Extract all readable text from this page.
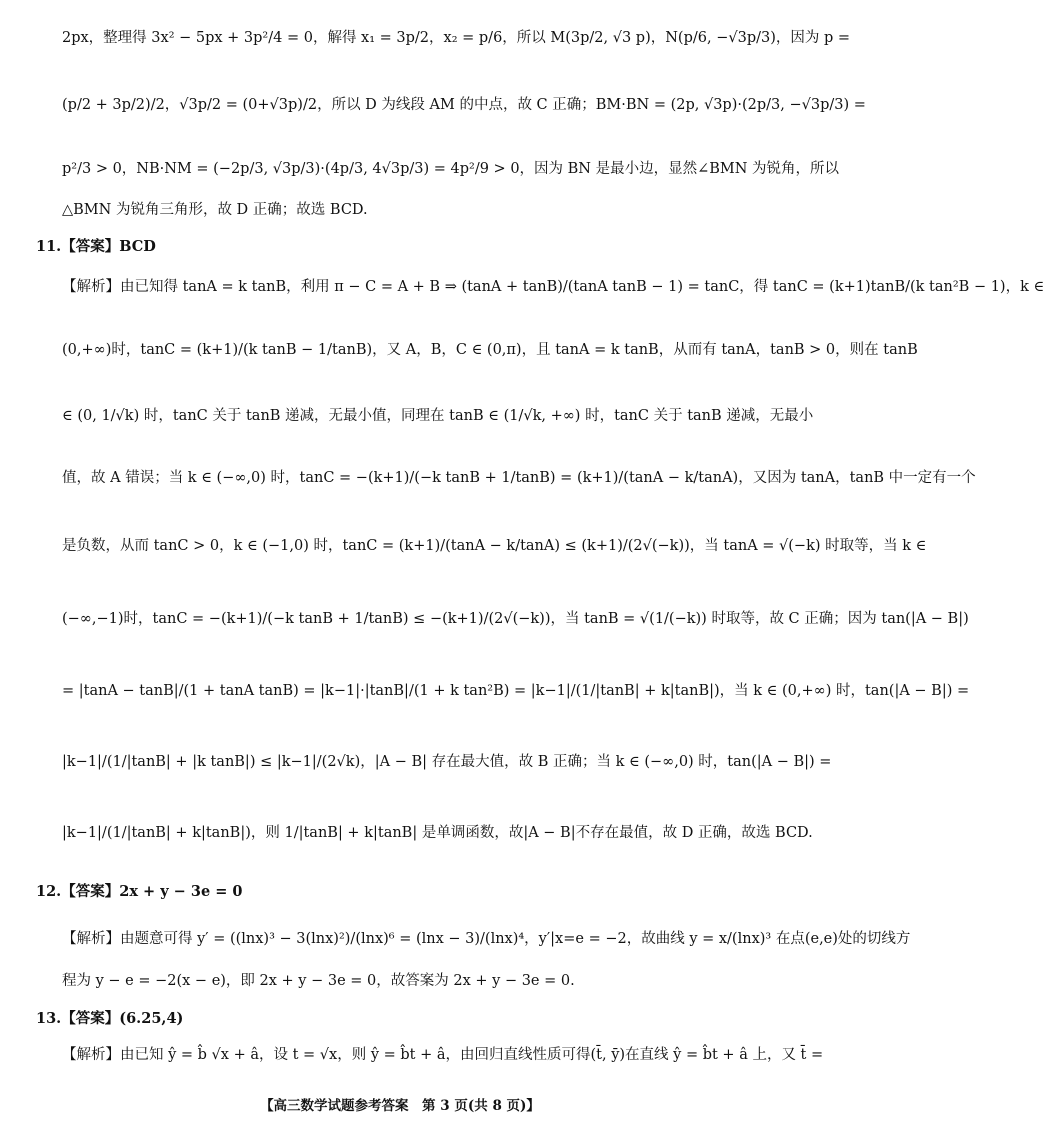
2px，整理得 3x² − 5px + 3p²/4 = 0，解得 x₁ = 3p/2，x₂ = p/6，所以 M(3p/2, √3 p)，N(p/6, −√3p/3)，因为 p =
(p/2 + 3p/2)/2，√3p/2 = (0+√3p)/2，所以 D 为线段 AM 的中点，故 C 正确；BM·BN = (2p, √3p)·(2p/3, −√3p/3) =
p²/3 > 0，NB·NM = (−2p/3, √3p/3)·(4p/3, 4√3p/3) = 4p²/9 > 0，因为 BN 是最小边，显然∠BMN 为锐角，所以
△BMN 为锐角三角形，故 D 正确；故选 BCD.
11.【答案】BCD
【解析】由已知得 tanA = k tanB，利用 π − C = A + B ⇒ (tanA + tanB)/(tanA tanB − 1) = tanC，得 tanC = (k+1)tanB/(k tan²B − 1)，k ∈
(0,+∞)时，tanC = (k+1)/(k tanB − 1/tanB)，又 A，B，C ∈ (0,π)，且 tanA = k tanB，从而有 tanA，tanB > 0，则在 tanB
∈ (0, 1/√k) 时，tanC 关于 tanB 递减，无最小值，同理在 tanB ∈ (1/√k, +∞) 时，tanC 关于 tanB 递减，无最小
值，故 A 错误；当 k ∈ (−∞,0) 时，tanC = −(k+1)/(−k tanB + 1/tanB) = (k+1)/(tanA − k/tanA)，又因为 tanA，tanB 中一定有一个
是负数，从而 tanC > 0，k ∈ (−1,0) 时，tanC = (k+1)/(tanA − k/tanA) ≤ (k+1)/(2√(−k))，当 tanA = √(−k) 时取等，当 k ∈
(−∞,−1)时，tanC = −(k+1)/(−k tanB + 1/tanB) ≤ −(k+1)/(2√(−k))，当 tanB = √(1/(−k)) 时取等，故 C 正确；因为 tan(|A − B|)
= |tanA − tanB|/(1 + tanA tanB) = |k−1|·|tanB|/(1 + k tan²B) = |k−1|/(1/|tanB| + k|tanB|)，当 k ∈ (0,+∞) 时，tan(|A − B|) =
|k−1|/(1/|tanB| + |k tanB|) ≤ |k−1|/(2√k)，|A − B| 存在最大值，故 B 正确；当 k ∈ (−∞,0) 时，tan(|A − B|) =
|k−1|/(1/|tanB| + k|tanB|)，则 1/|tanB| + k|tanB| 是单调函数，故|A − B|不存在最值，故 D 正确，故选 BCD.
12.【答案】2x + y − 3e = 0
【解析】由题意可得 y′ = ((lnx)³ − 3(lnx)²)/(lnx)⁶ = (lnx − 3)/(lnx)⁴，y′|x=e = −2，故曲线 y = x/(lnx)³ 在点(e,e)处的切线方
程为 y − e = −2(x − e)，即 2x + y − 3e = 0，故答案为 2x + y − 3e = 0.
13.【答案】(6.25,4)
【解析】由已知 ŷ = b̂ √x + â，设 t = √x，则 ŷ = b̂t + â，由回归直线性质可得(t̄, ȳ)在直线 ŷ = b̂t + â 上，又 t̄ =
【高三数学试题参考答案　第 3 页(共 8 页)】
